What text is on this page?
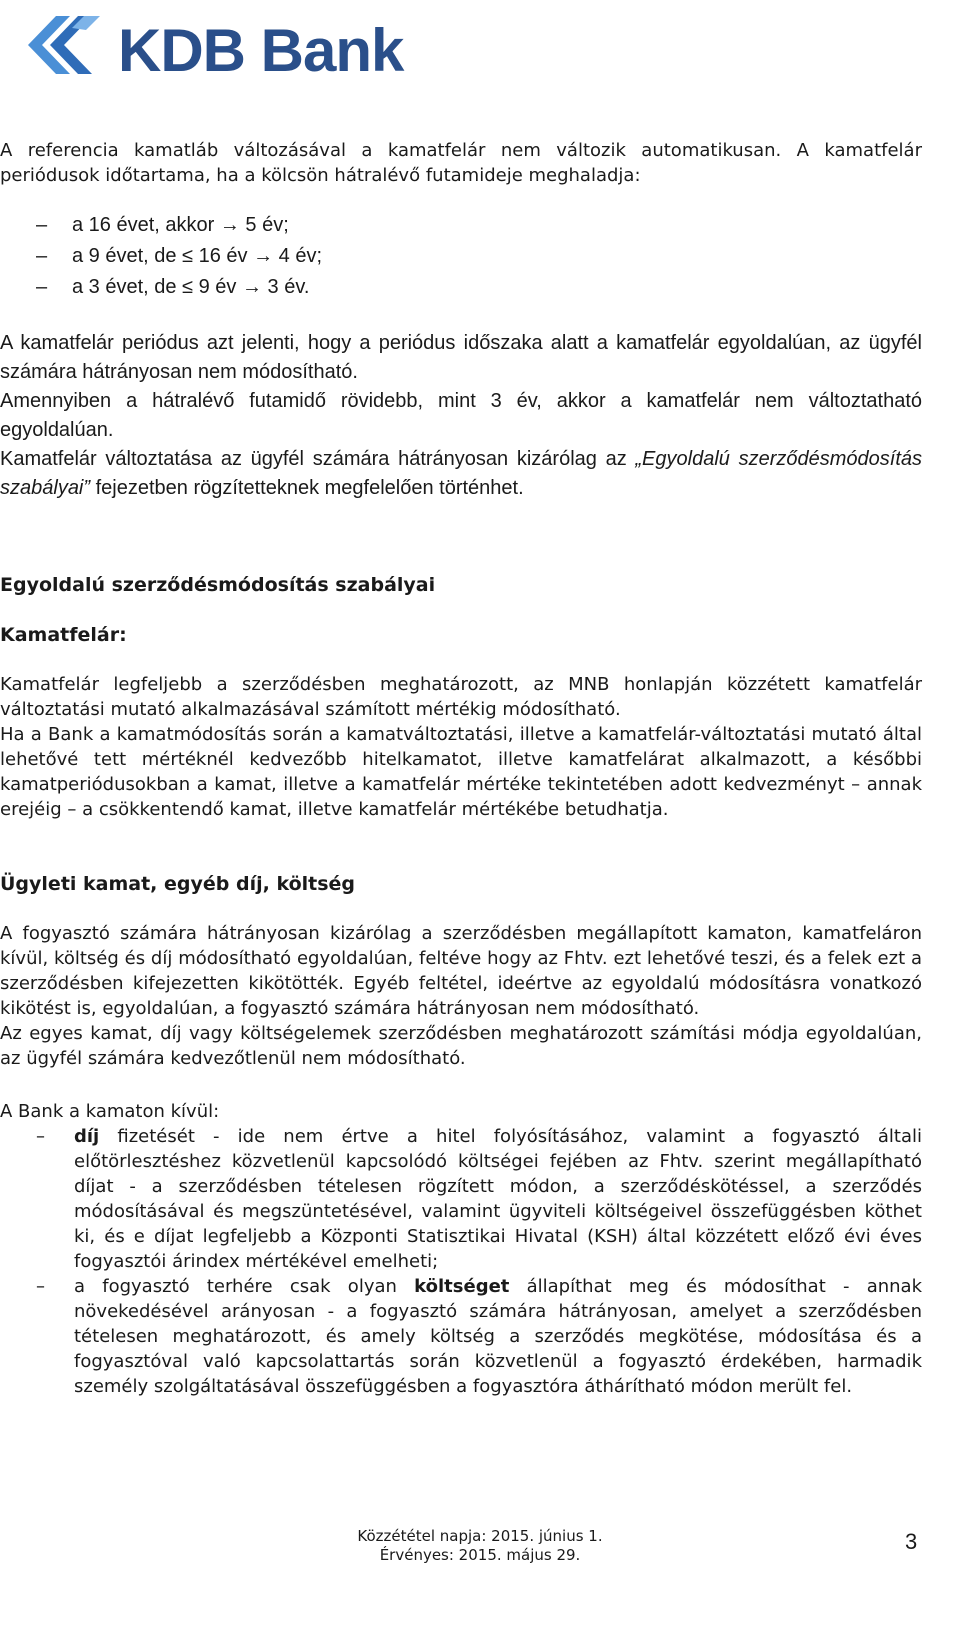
KDB Bank

A referencia kamatláb változásával a kamatfelár nem változik automatikusan. A kamatfelár periódusok időtartama, ha a kölcsön hátralévő futamideje meghaladja:

– a 16 évet, akkor → 5 év;
– a 9 évet, de ≤ 16 év → 4 év;
– a 3 évet, de ≤ 9 év → 3 év.

A kamatfelár periódus azt jelenti, hogy a periódus időszaka alatt a kamatfelár egyoldalúan, az ügyfél számára hátrányosan nem módosítható.

Amennyiben a hátralévő futamidő rövidebb, mint 3 év, akkor a kamatfelár nem változtatható egyoldalúan.

Kamatfelár változtatása az ügyfél számára hátrányosan kizárólag az „Egyoldalú szerződésmódosítás szabályai” fejezetben rögzítetteknek megfelelően történhet.

Egyoldalú szerződésmódosítás szabályai
Kamatfelár:

Kamatfelár legfeljebb a szerződésben meghatározott, az MNB honlapján közzétett kamatfelár változtatási mutató alkalmazásával számított mértékig módosítható.

Ha a Bank a kamatmódosítás során a kamatváltoztatási, illetve a kamatfelár-változtatási mutató által lehetővé tett mértéknél kedvezőbb hitelkamatot, illetve kamatfelárat alkalmazott, a későbbi kamatperiódusokban a kamat, illetve a kamatfelár mértéke tekintetében adott kedvezményt – annak erejéig – a csökkentendő kamat, illetve kamatfelár mértékébe betudhatja.

Ügyleti kamat, egyéb díj, költség

A fogyasztó számára hátrányosan kizárólag a szerződésben megállapított kamaton, kamatfeláron kívül, költség és díj módosítható egyoldalúan, feltéve hogy az Fhtv. ezt lehetővé teszi, és a felek ezt a szerződésben kifejezetten kikötötték. Egyéb feltétel, ideértve az egyoldalú módosításra vonatkozó kikötést is, egyoldalúan, a fogyasztó számára hátrányosan nem módosítható.

Az egyes kamat, díj vagy költségelemek szerződésben meghatározott számítási módja egyoldalúan, az ügyfél számára kedvezőtlenül nem módosítható.

A Bank a kamaton kívül:

– díj fizetését - ide nem értve a hitel folyósításához, valamint a fogyasztó általi előtörlesztéshez közvetlenül kapcsolódó költségei fejében az Fhtv. szerint megállapítható díjat - a szerződésben tételesen rögzített módon, a szerződéskötéssel, a szerződés módosításával és megszüntetésével, valamint ügyviteli költségeivel összefüggésben köthet ki, és e díjat legfeljebb a Központi Statisztikai Hivatal (KSH) által közzétett előző évi éves fogyasztói árindex mértékével emelheti;
– a fogyasztó terhére csak olyan költséget állapíthat meg és módosíthat - annak növekedésével arányosan - a fogyasztó számára hátrányosan, amelyet a szerződésben tételesen meghatározott, és amely költség a szerződés megkötése, módosítása és a fogyasztóval való kapcsolattartás során közvetlenül a fogyasztó érdekében, harmadik személy szolgáltatásával összefüggésben a fogyasztóra áthárítható módon merült fel.
Közzététel napja: 2015. június 1.
Érvényes: 2015. május 29.
3
